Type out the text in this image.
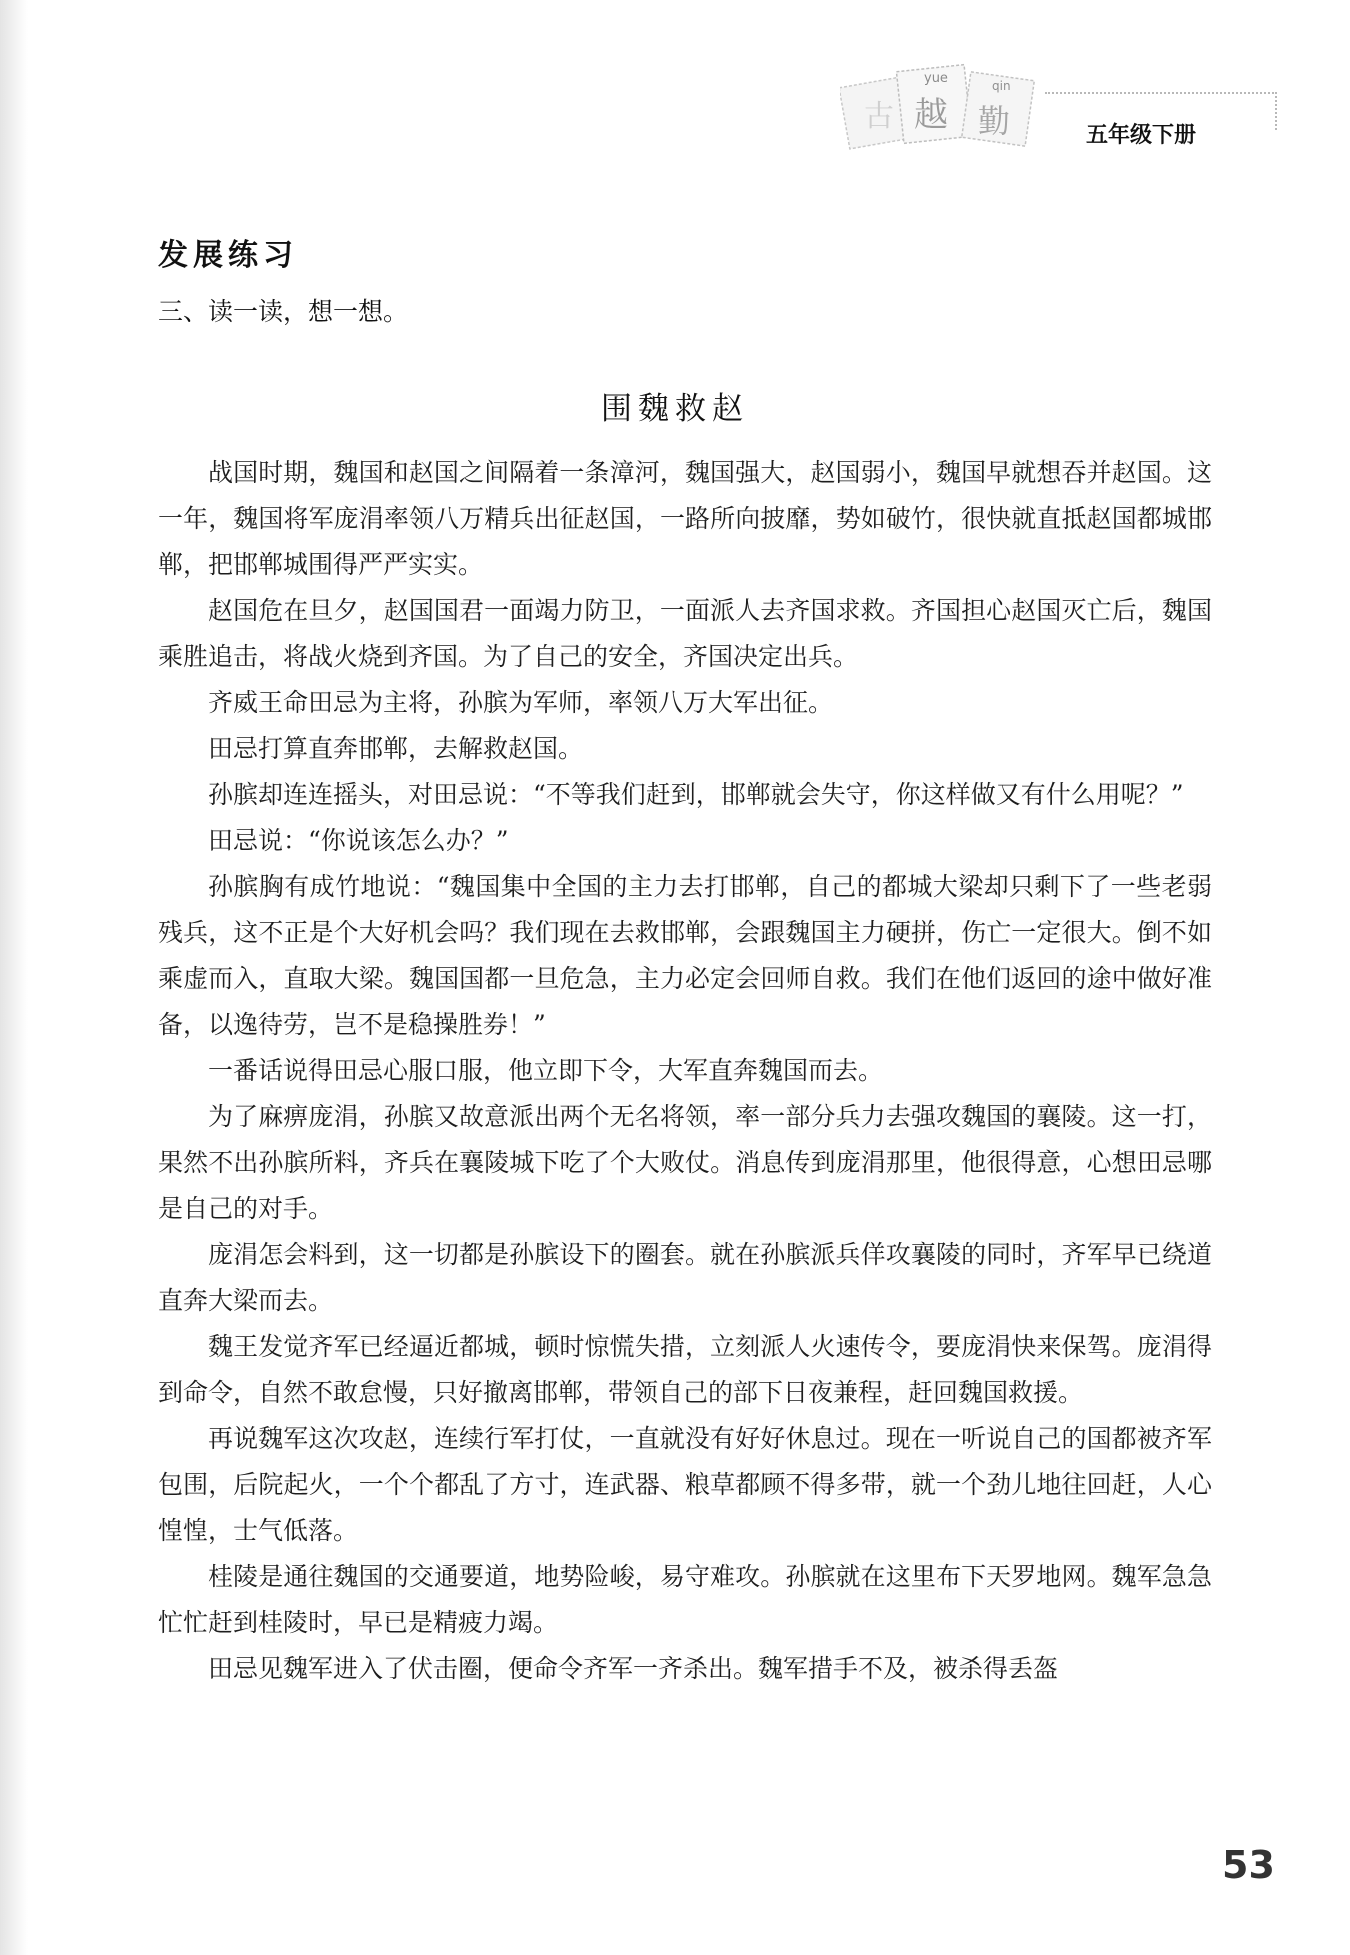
古
yue
越
qin
勤	五年级下册
发展练习
三、读一读，想一想。
围魏救赵

战国时期，魏国和赵国之间隔着一条漳河，魏国强大，赵国弱小，魏国早就想吞并赵国。这一年，魏国将军庞涓率领八万精兵出征赵国，一路所向披靡，势如破竹，很快就直抵赵国都城邯郸，把邯郸城围得严严实实。

赵国危在旦夕，赵国国君一面竭力防卫，一面派人去齐国求救。齐国担心赵国灭亡后，魏国乘胜追击，将战火烧到齐国。为了自己的安全，齐国决定出兵。

齐威王命田忌为主将，孙膑为军师，率领八万大军出征。

田忌打算直奔邯郸，去解救赵国。

孙膑却连连摇头，对田忌说：“不等我们赶到，邯郸就会失守，你这样做又有什么用呢？”

田忌说：“你说该怎么办？”

孙膑胸有成竹地说：“魏国集中全国的主力去打邯郸，自己的都城大梁却只剩下了一些老弱残兵，这不正是个大好机会吗？我们现在去救邯郸，会跟魏国主力硬拼，伤亡一定很大。倒不如乘虚而入，直取大梁。魏国国都一旦危急，主力必定会回师自救。我们在他们返回的途中做好准备，以逸待劳，岂不是稳操胜券！”

一番话说得田忌心服口服，他立即下令，大军直奔魏国而去。

为了麻痹庞涓，孙膑又故意派出两个无名将领，率一部分兵力去强攻魏国的襄陵。这一打，果然不出孙膑所料，齐兵在襄陵城下吃了个大败仗。消息传到庞涓那里，他很得意，心想田忌哪是自己的对手。

庞涓怎会料到，这一切都是孙膑设下的圈套。就在孙膑派兵佯攻襄陵的同时，齐军早已绕道直奔大梁而去。

魏王发觉齐军已经逼近都城，顿时惊慌失措，立刻派人火速传令，要庞涓快来保驾。庞涓得到命令，自然不敢怠慢，只好撤离邯郸，带领自己的部下日夜兼程，赶回魏国救援。

再说魏军这次攻赵，连续行军打仗，一直就没有好好休息过。现在一听说自己的国都被齐军包围，后院起火，一个个都乱了方寸，连武器、粮草都顾不得多带，就一个劲儿地往回赶，人心惶惶，士气低落。

桂陵是通往魏国的交通要道，地势险峻，易守难攻。孙膑就在这里布下天罗地网。魏军急急忙忙赶到桂陵时，早已是精疲力竭。

田忌见魏军进入了伏击圈，便命令齐军一齐杀出。魏军措手不及，被杀得丢盔

53
